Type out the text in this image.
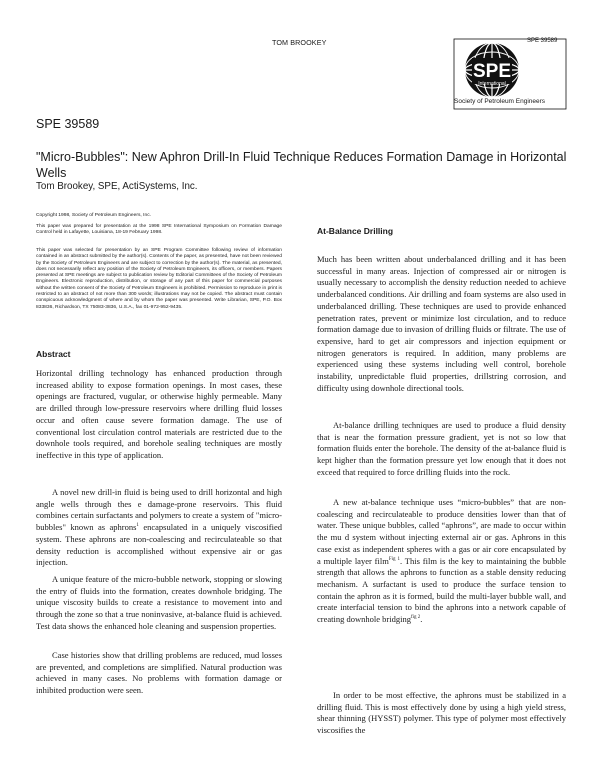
TOM BROOKEY	SPE 39589
SPE
International
Society of Petroleum Engineers
SPE 39589
"Micro-Bubbles": New Aphron Drill-In Fluid Technique Reduces Formation Damage in Horizontal Wells
Tom Brookey, SPE, ActiSystems, Inc.
Copyright 1998, Society of Petroleum Engineers, Inc.
This paper was prepared for presentation at the 1998 SPE International Symposium on Formation Damage Control held in Lafayette, Louisiana, 18-19 February 1998.
This paper was selected for presentation by an SPE Program Committee following review of information contained in an abstract submitted by the author(s). Contents of the paper, as presented, have not been reviewed by the Society of Petroleum Engineers and are subject to correction by the author(s). The material, as presented, does not necessarily reflect any position of the Society of Petroleum Engineers, its officers, or members. Papers presented at SPE meetings are subject to publication review by Editorial Committees of the Society of Petroleum Engineers. Electronic reproduction, distribution, or storage of any part of this paper for commercial purposes without the written consent of the Society of Petroleum Engineers is prohibited. Permission to reproduce in print is restricted to an abstract of not more than 300 words; illustrations may not be copied. The abstract must contain conspicuous acknowledgment of where and by whom the paper was presented. Write Librarian, SPE, P.O. Box 833836, Richardson, TX 75083-3836, U.S.A., fax 01-972-952-9435.
Abstract
Horizontal drilling technology has enhanced production through increased ability to expose formation openings. In most cases, these openings are fractured, vugular, or otherwise highly permeable. Many are drilled through low-pressure reservoirs where drilling fluid losses occur and often cause severe formation damage. The use of conventional lost circulation control materials are restricted due to the downhole tools required, and borehole sealing techniques are mostly ineffective in this type of application.
A novel new drill-in fluid is being used to drill horizontal and high angle wells through thes e damage-prone reservoirs. This fluid combines certain surfactants and polymers to create a system of "micro-bubbles" known as aphrons$^1$ encapsulated in a uniquely viscosified system. These aphrons are non-coalescing and recirculateable so that density reduction is accomplished without expensive air or gas injection.
A unique feature of the micro-bubble network, stopping or slowing the entry of fluids into the formation, creates downhole bridging. The unique viscosity builds to create a resistance to movement into and through the zone so that a true noninvasive, at-balance fluid is achieved. Test data shows the enhanced hole cleaning and suspension properties.
Case histories show that drilling problems are reduced, mud losses are prevented, and completions are simplified. Natural production was achieved in many cases. No problems with formation damage or inhibited production were seen.
At-Balance Drilling
Much has been written about underbalanced drilling and it has been successful in many areas. Injection of compressed air or nitrogen is usually necessary to accomplish the density reduction needed to achieve underbalanced conditions. Air drilling and foam systems are also used in underbalanced drilling. These techniques are used to provide enhanced penetration rates, prevent or minimize lost circulation, and to reduce formation damage due to invasion of drilling fluids or filtrate. The use of expensive, hard to get air compressors and injection equipment or nitrogen generators is required. In addition, many problems are experienced using these systems including well control, borehole instability, unpredictable fluid properties, drillstring corrosion, and difficulty using downhole directional tools.
At-balance drilling techniques are used to produce a fluid density that is near the formation pressure gradient, yet is not so low that formation fluids enter the borehole. The density of the at-balance fluid is kept higher than the formation pressure yet low enough that it does not exceed that required to force drilling fluids into the rock.
A new at-balance technique uses “micro-bubbles” that are non-coalescing and recirculateable to produce densities lower than that of water. These unique bubbles, called “aphrons”, are made to occur within the mu d system without injecting external air or gas. Aphrons in this case exist as independent spheres with a gas or air core encapsulated by a multiple layer film$^{Fig 1}$. This film is the key to maintaining the bubble strength that allows the aphrons to function as a stable density reducing mechanism. A surfactant is used to produce the surface tension to contain the aphron as it is formed, build the multi-layer bubble wall, and create interfacial tension to bind the aphrons into a network capable of creating downhole bridging$^{fig 2}$.
In order to be most effective, the aphrons must be stabilized in a drilling fluid. This is most effectively done by using a high yield stress, shear thinning (HYSST) polymer. This type of polymer most effectively viscosifies the
